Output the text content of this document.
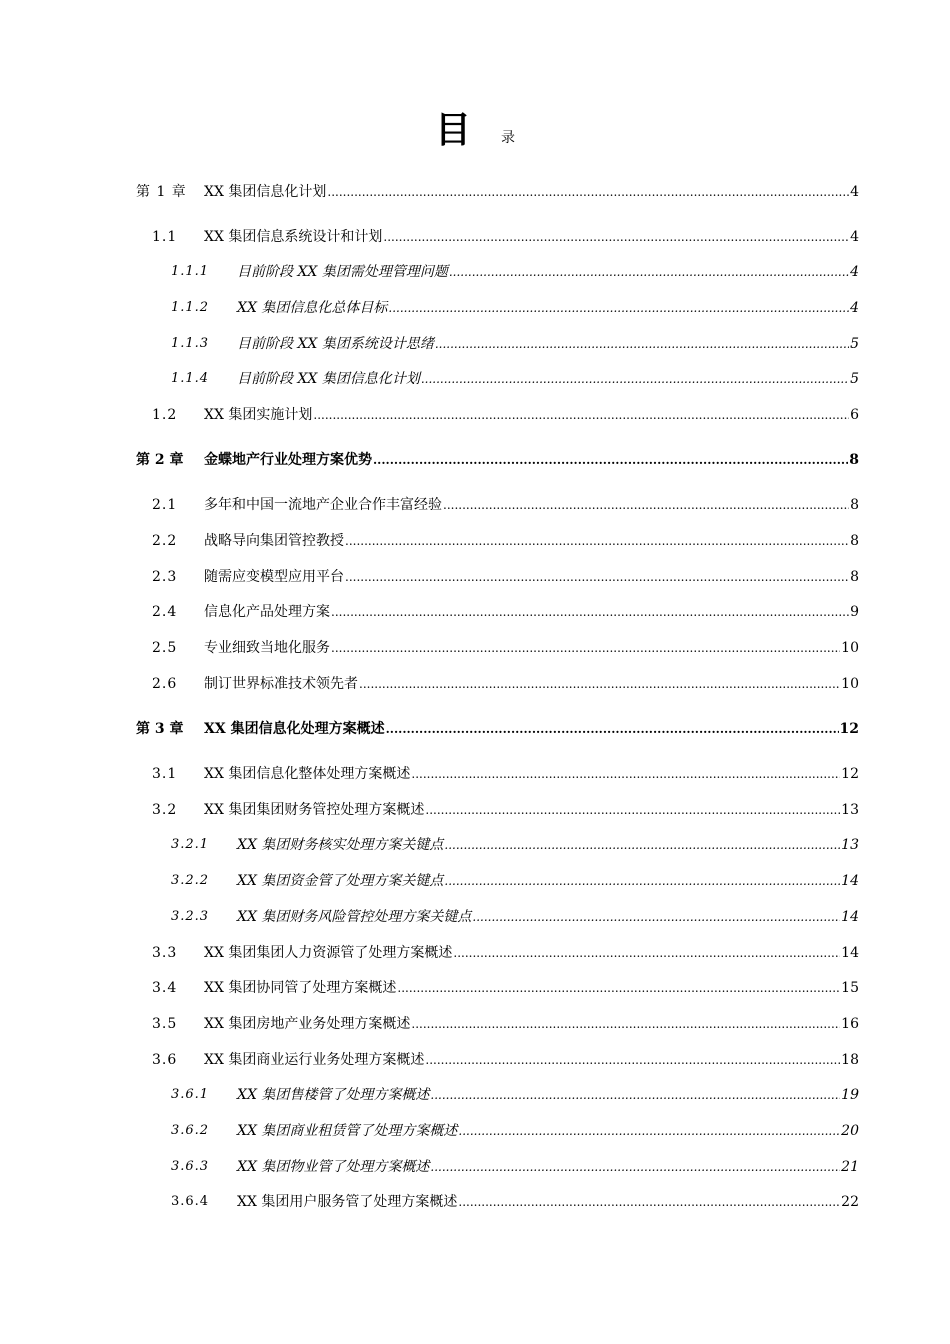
目 录
第 1 章 XX 集团信息化计划 .....	4
1.1 XX 集团信息系统设计和计划 .....	4
1.1.1 目前阶段 XX 集团需处理管理问题 .....	4
1.1.2 XX 集团信息化总体目标 .....	4
1.1.3 目前阶段 XX 集团系统设计思绪 .....	5
1.1.4 目前阶段 XX 集团信息化计划 .....	5
1.2 XX 集团实施计划 .....	6
第 2 章 金蝶地产行业处理方案优势 .....	8
2.1 多年和中国一流地产企业合作丰富经验 .....	8
2.2 战略导向集团管控教授 .....	8
2.3 随需应变模型应用平台 .....	8
2.4 信息化产品处理方案 .....	9
2.5 专业细致当地化服务 .....	10
2.6 制订世界标准技术领先者 .....	10
第 3 章 XX 集团信息化处理方案概述 .....	12
3.1 XX 集团信息化整体处理方案概述 .....	12
3.2 XX 集团集团财务管控处理方案概述 .....	13
3.2.1 XX 集团财务核实处理方案关键点 .....	13
3.2.2 XX 集团资金管了处理方案关键点 .....	14
3.2.3 XX 集团财务风险管控处理方案关键点 .....	14
3.3 XX 集团集团人力资源管了处理方案概述 .....	14
3.4 XX 集团协同管了处理方案概述 .....	15
3.5 XX 集团房地产业务处理方案概述 .....	16
3.6 XX 集团商业运行业务处理方案概述 .....	18
3.6.1 XX 集团售楼管了处理方案概述 .....	19
3.6.2 XX 集团商业租赁管了处理方案概述 .....	20
3.6.3 XX 集团物业管了处理方案概述 .....	21
3.6.4 XX 集团用户服务管了处理方案概述 .....	22
